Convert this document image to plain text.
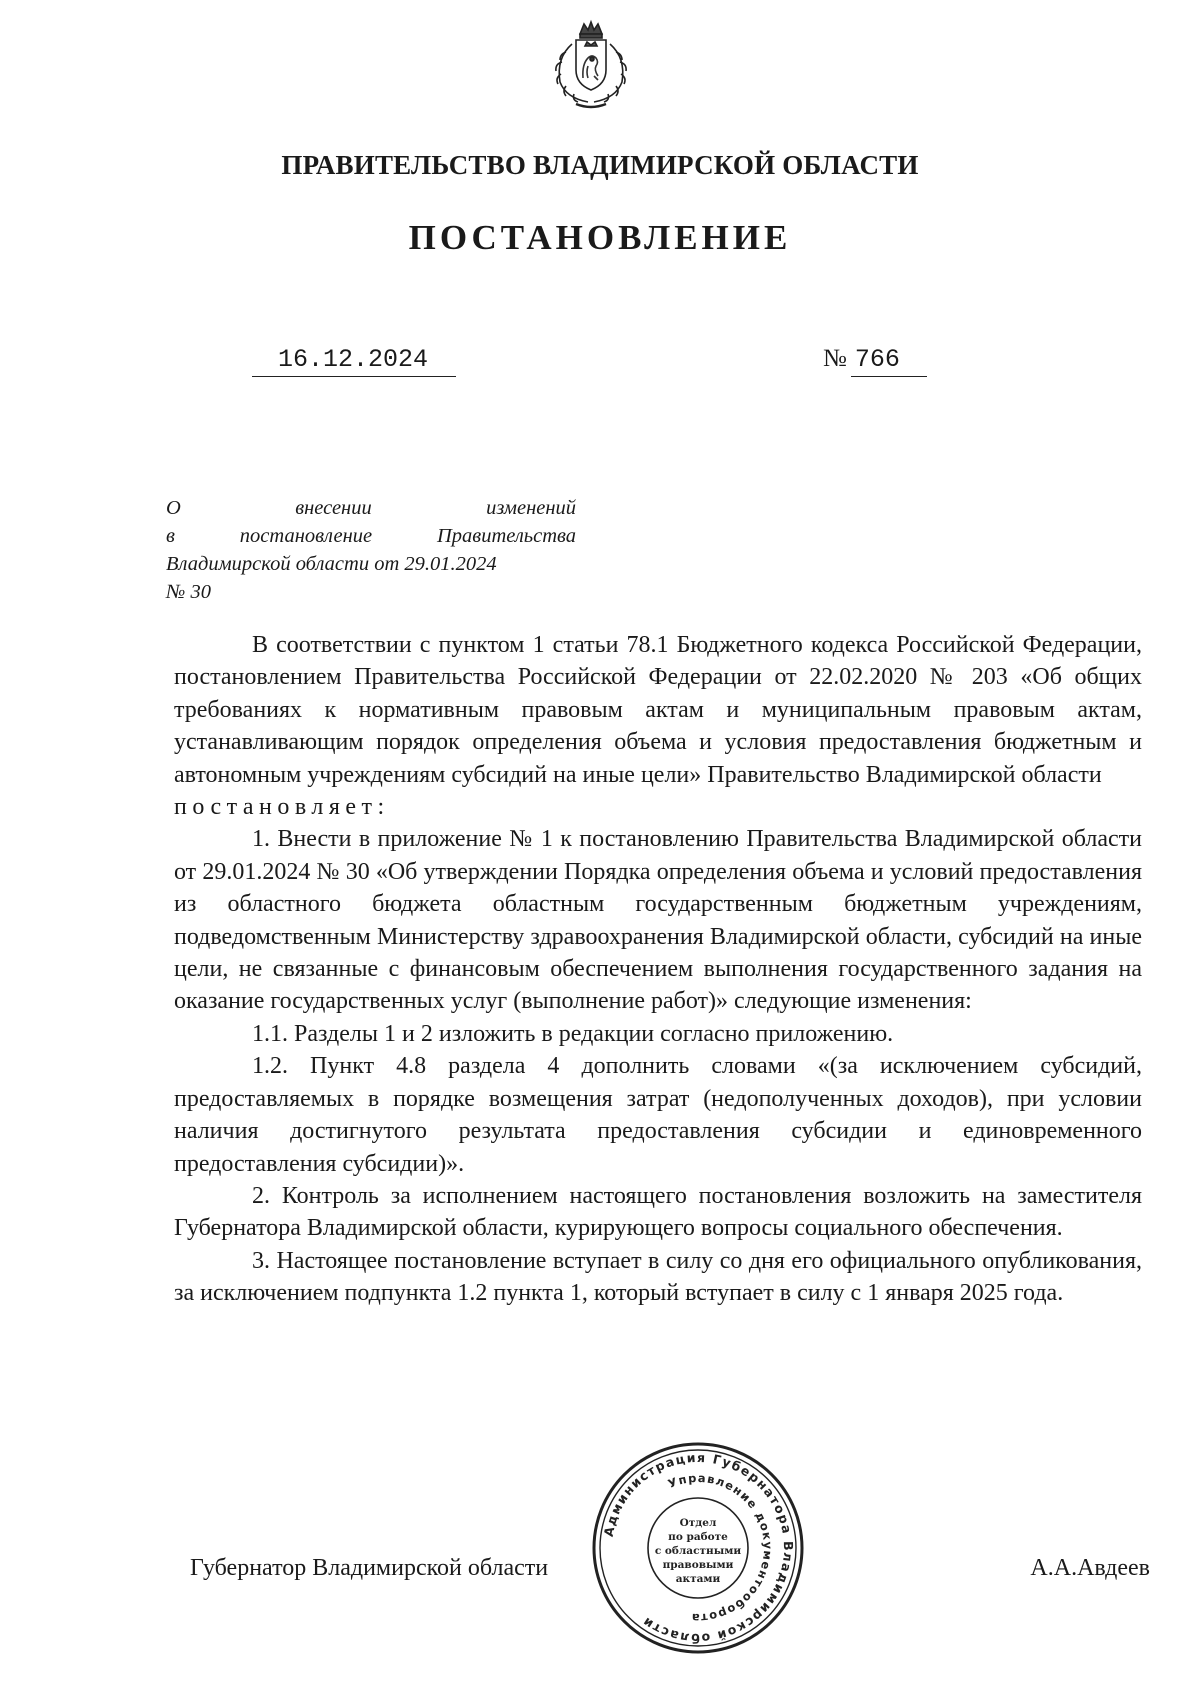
ПРАВИТЕЛЬСТВО ВЛАДИМИРСКОЙ ОБЛАСТИ
ПОСТАНОВЛЕНИЕ
16.12.2024	№ 766
О	внесении	изменений
в	постановление	Правительства
Владимирской области от 29.01.2024
№ 30

В соответствии с пунктом 1 статьи 78.1 Бюджетного кодекса Российской Федерации, постановлением Правительства Российской Федерации от 22.02.2020 № 203 «Об общих требованиях к нормативным правовым актам и муниципальным правовым актам, устанавливающим порядок определения объема и условия предоставления бюджетным и автономным учреждениям субсидий на иные цели» Правительство Владимирской области

постановляет:

1. Внести в приложение № 1 к постановлению Правительства Владимирской области от 29.01.2024 № 30 «Об утверждении Порядка определения объема и условий предоставления из областного бюджета областным государственным бюджетным учреждениям, подведомственным Министерству здравоохранения Владимирской области, субсидий на иные цели, не связанные с финансовым обеспечением выполнения государственного задания на оказание государственных услуг (выполнение работ)» следующие изменения:

1.1. Разделы 1 и 2 изложить в редакции согласно приложению.

1.2. Пункт 4.8 раздела 4 дополнить словами «(за исключением субсидий, предоставляемых в порядке возмещения затрат (недополученных доходов), при условии наличия достигнутого результата предоставления субсидии и единовременного предоставления субсидии)».

2. Контроль за исполнением настоящего постановления возложить на заместителя Губернатора Владимирской области, курирующего вопросы социального обеспечения.

3. Настоящее постановление вступает в силу со дня его официального опубликования, за исключением подпункта 1.2 пункта 1, который вступает в силу с 1 января 2025 года.

Губернатор Владимирской области	А.А.Авдеев
Администрация Губернатора Владимирской области
Управление документооборота
Отдел
по работе
с областными
правовыми
актами
